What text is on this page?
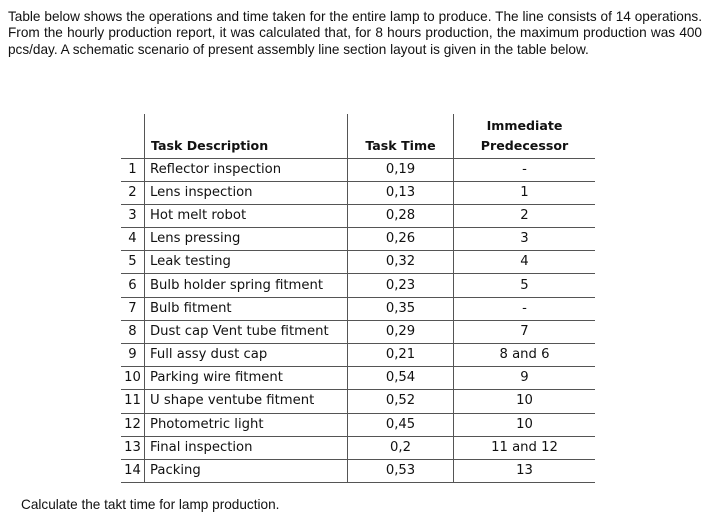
Table below shows the operations and time taken for the entire lamp to produce. The line consists of 14 operations. From the hourly production report, it was calculated that, for 8 hours production, the maximum production was 400 pcs/day. A schematic scenario of present assembly line section layout is given in the table below.
	Task Description	Task Time	Immediate
Predecessor

1	Reflector inspection	0,19	-
2	Lens inspection	0,13	1
3	Hot melt robot	0,28	2
4	Lens pressing	0,26	3
5	Leak testing	0,32	4
6	Bulb holder spring fitment	0,23	5
7	Bulb fitment	0,35	-
8	Dust cap Vent tube fitment	0,29	7
9	Full assy dust cap	0,21	8 and 6
10	Parking wire fitment	0,54	9
11	U shape ventube fitment	0,52	10
12	Photometric light	0,45	10
13	Final inspection	0,2	11 and 12
14	Packing	0,53	13
Calculate the takt time for lamp production.
